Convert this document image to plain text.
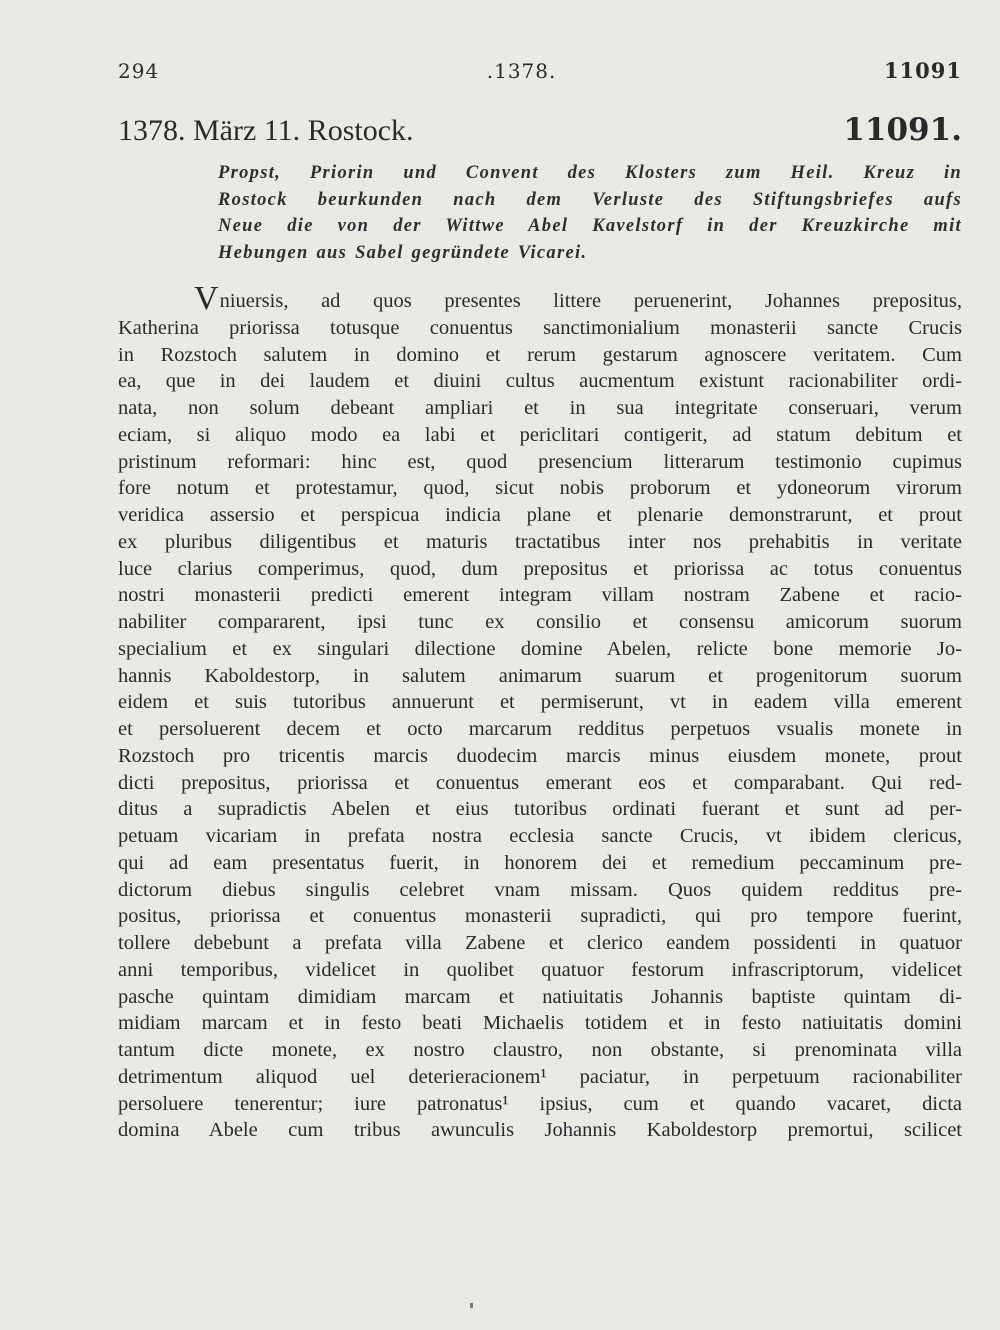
294	.1378.	11091
1378. März 11. Rostock.	11091.
Propst, Priorin und Convent des Klosters zum Heil. Kreuz in
Rostock beurkunden nach dem Verluste des Stiftungsbriefes aufs
Neue die von der Wittwe Abel Kavelstorf in der Kreuzkirche mit
Hebungen aus Sabel gegründete Vicarei.
Vniuersis, ad quos presentes littere peruenerint, Johannes prepositus,
Katherina priorissa totusque conuentus sanctimonialium monasterii sancte Crucis
in Rozstoch salutem in domino et rerum gestarum agnoscere veritatem. Cum
ea, que in dei laudem et diuini cultus aucmentum existunt racionabiliter ordi-
nata, non solum debeant ampliari et in sua integritate conseruari, verum
eciam, si aliquo modo ea labi et periclitari contigerit, ad statum debitum et
pristinum reformari: hinc est, quod presencium litterarum testimonio cupimus
fore notum et protestamur, quod, sicut nobis proborum et ydoneorum virorum
veridica assersio et perspicua indicia plane et plenarie demonstrarunt, et prout
ex pluribus diligentibus et maturis tractatibus inter nos prehabitis in veritate
luce clarius comperimus, quod, dum prepositus et priorissa ac totus conuentus
nostri monasterii predicti emerent integram villam nostram Zabene et racio-
nabiliter compararent, ipsi tunc ex consilio et consensu amicorum suorum
specialium et ex singulari dilectione domine Abelen, relicte bone memorie Jo-
hannis Kaboldestorp, in salutem animarum suarum et progenitorum suorum
eidem et suis tutoribus annuerunt et permiserunt, vt in eadem villa emerent
et persoluerent decem et octo marcarum redditus perpetuos vsualis monete in
Rozstoch pro tricentis marcis duodecim marcis minus eiusdem monete, prout
dicti prepositus, priorissa et conuentus emerant eos et comparabant. Qui red-
ditus a supradictis Abelen et eius tutoribus ordinati fuerant et sunt ad per-
petuam vicariam in prefata nostra ecclesia sancte Crucis, vt ibidem clericus,
qui ad eam presentatus fuerit, in honorem dei et remedium peccaminum pre-
dictorum diebus singulis celebret vnam missam. Quos quidem redditus pre-
positus, priorissa et conuentus monasterii supradicti, qui pro tempore fuerint,
tollere debebunt a prefata villa Zabene et clerico eandem possidenti in quatuor
anni temporibus, videlicet in quolibet quatuor festorum infrascriptorum, videlicet
pasche quintam dimidiam marcam et natiuitatis Johannis baptiste quintam di-
midiam marcam et in festo beati Michaelis totidem et in festo natiuitatis domini
tantum dicte monete, ex nostro claustro, non obstante, si prenominata villa
detrimentum aliquod uel deterieracionem¹ paciatur, in perpetuum racionabiliter
persoluere tenerentur; iure patronatus¹ ipsius, cum et quando vacaret, dicta
domina Abele cum tribus awunculis Johannis Kaboldestorp premortui, scilicet
